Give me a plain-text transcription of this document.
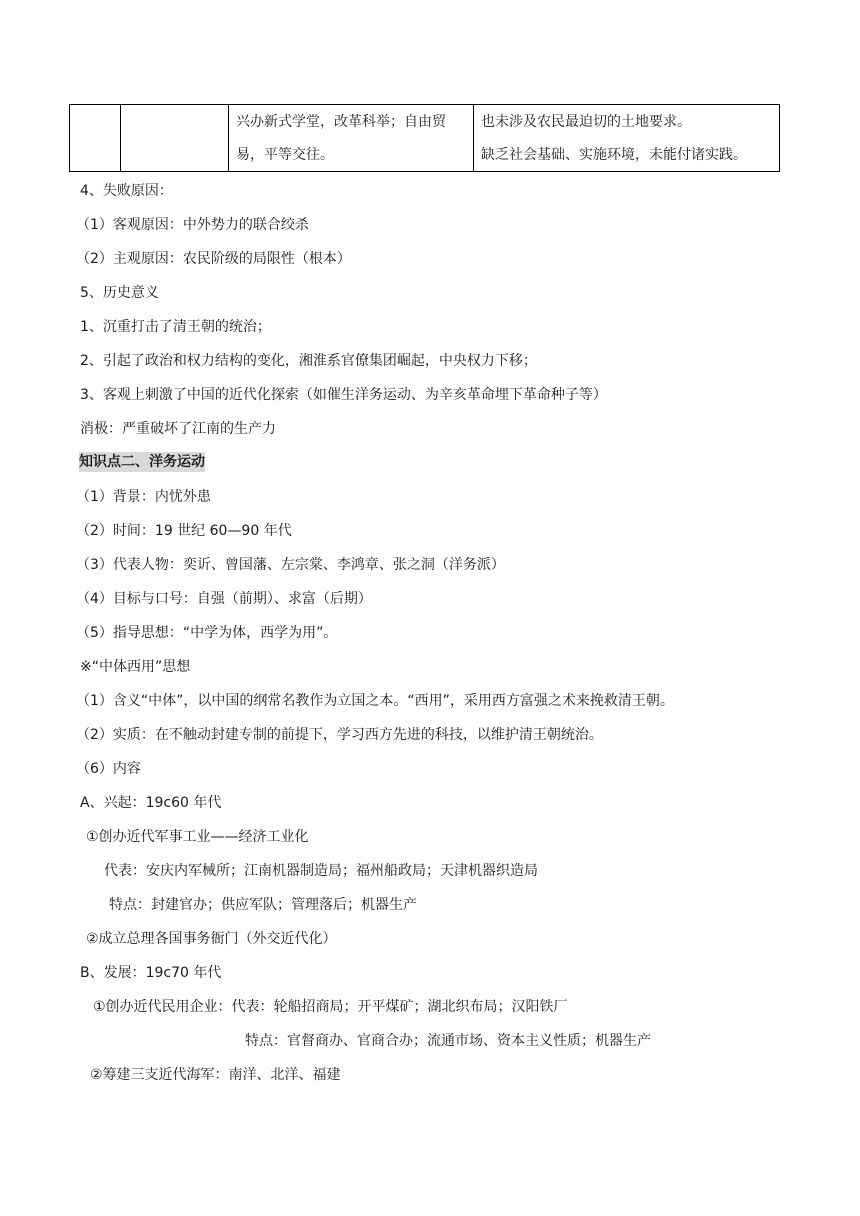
兴办新式学堂，改革科举；自由贸
易，平等交往。
也未涉及农民最迫切的土地要求。
缺乏社会基础、实施环境，未能付诸实践。
4、失败原因：
（1）客观原因：中外势力的联合绞杀
（2）主观原因：农民阶级的局限性（根本）
5、历史意义
1、沉重打击了清王朝的统治；
2、引起了政治和权力结构的变化，湘淮系官僚集团崛起，中央权力下移；
3、客观上刺激了中国的近代化探索（如催生洋务运动、为辛亥革命埋下革命种子等）
消极：严重破坏了江南的生产力
知识点二、洋务运动
（1）背景：内忧外患
（2）时间：19 世纪 60—90 年代
（3）代表人物：奕䜣、曾国藩、左宗棠、李鸿章、张之洞（洋务派）
（4）目标与口号：自强（前期）、求富（后期）
（5）指导思想：“中学为体，西学为用”。
※“中体西用”思想
（1）含义“中体”，以中国的纲常名教作为立国之本。“西用”，采用西方富强之术来挽救清王朝。
（2）实质：在不触动封建专制的前提下，学习西方先进的科技，以维护清王朝统治。
（6）内容
A、兴起：19c60 年代
①创办近代军事工业——经济工业化
代表：安庆内军械所；江南机器制造局；福州船政局；天津机器织造局
特点：封建官办；供应军队；管理落后；机器生产
②成立总理各国事务衙门（外交近代化）
B、发展：19c70 年代
①创办近代民用企业：代表：轮船招商局；开平煤矿；湖北织布局；汉阳铁厂
特点：官督商办、官商合办；流通市场、资本主义性质；机器生产
②筹建三支近代海军：南洋、北洋、福建
